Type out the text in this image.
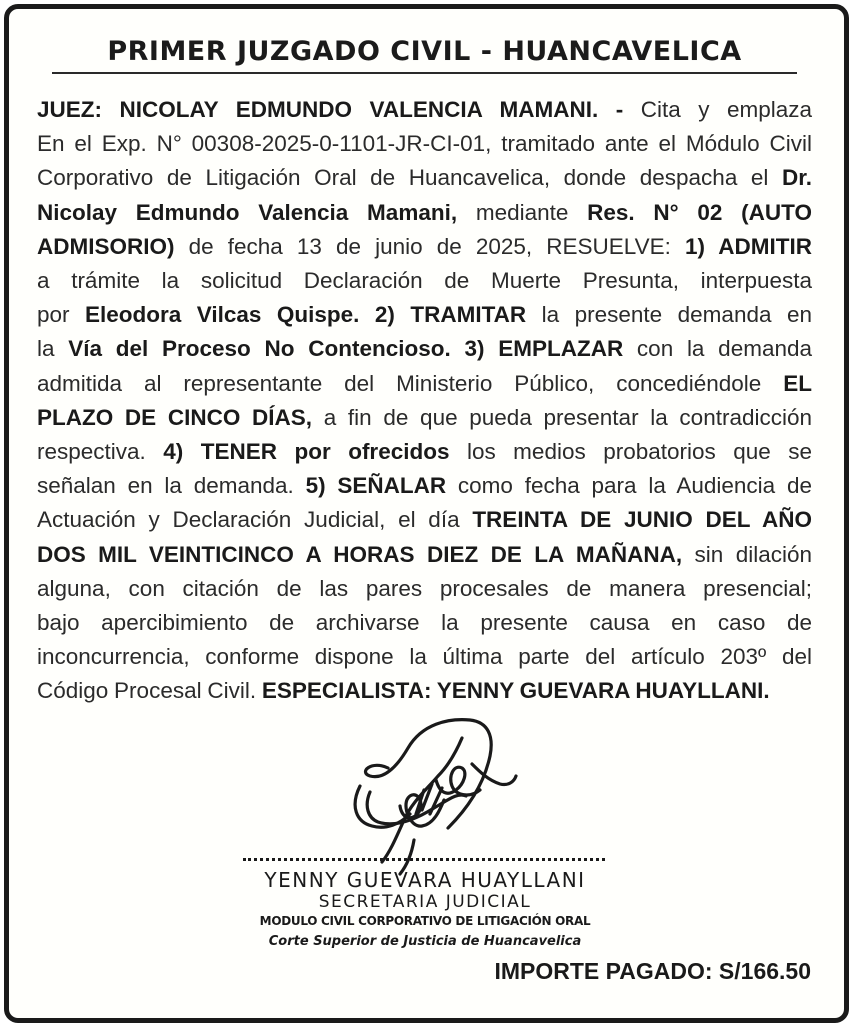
PRIMER JUZGADO CIVIL - HUANCAVELICA
JUEZ: NICOLAY EDMUNDO VALENCIA MAMANI. - Cita y emplaza
En el Exp. N° 00308-2025-0-1101-JR-CI-01, tramitado ante el Módulo Civil
Corporativo de Litigación Oral de Huancavelica, donde despacha el Dr.
Nicolay Edmundo Valencia Mamani, mediante Res. N° 02 (AUTO
ADMISORIO) de fecha 13 de junio de 2025, RESUELVE: 1) ADMITIR
a trámite la solicitud Declaración de Muerte Presunta, interpuesta
por Eleodora Vilcas Quispe. 2) TRAMITAR la presente demanda en
la Vía del Proceso No Contencioso. 3) EMPLAZAR con la demanda
admitida al representante del Ministerio Público, concediéndole EL
PLAZO DE CINCO DÍAS, a fin de que pueda presentar la contradicción
respectiva. 4) TENER por ofrecidos los medios probatorios que se
señalan en la demanda. 5) SEÑALAR como fecha para la Audiencia de
Actuación y Declaración Judicial, el día TREINTA DE JUNIO DEL AÑO
DOS MIL VEINTICINCO A HORAS DIEZ DE LA MAÑANA, sin dilación
alguna, con citación de las pares procesales de manera presencial;
bajo apercibimiento de archivarse la presente causa en caso de
inconcurrencia, conforme dispone la última parte del artículo 203º del
Código Procesal Civil. ESPECIALISTA: YENNY GUEVARA HUAYLLANI.
YENNY GUEVARA HUAYLLANI
SECRETARIA JUDICIAL
MODULO CIVIL CORPORATIVO DE LITIGACIÓN ORAL
Corte Superior de Justicia de Huancavelica
IMPORTE PAGADO: S/166.50
